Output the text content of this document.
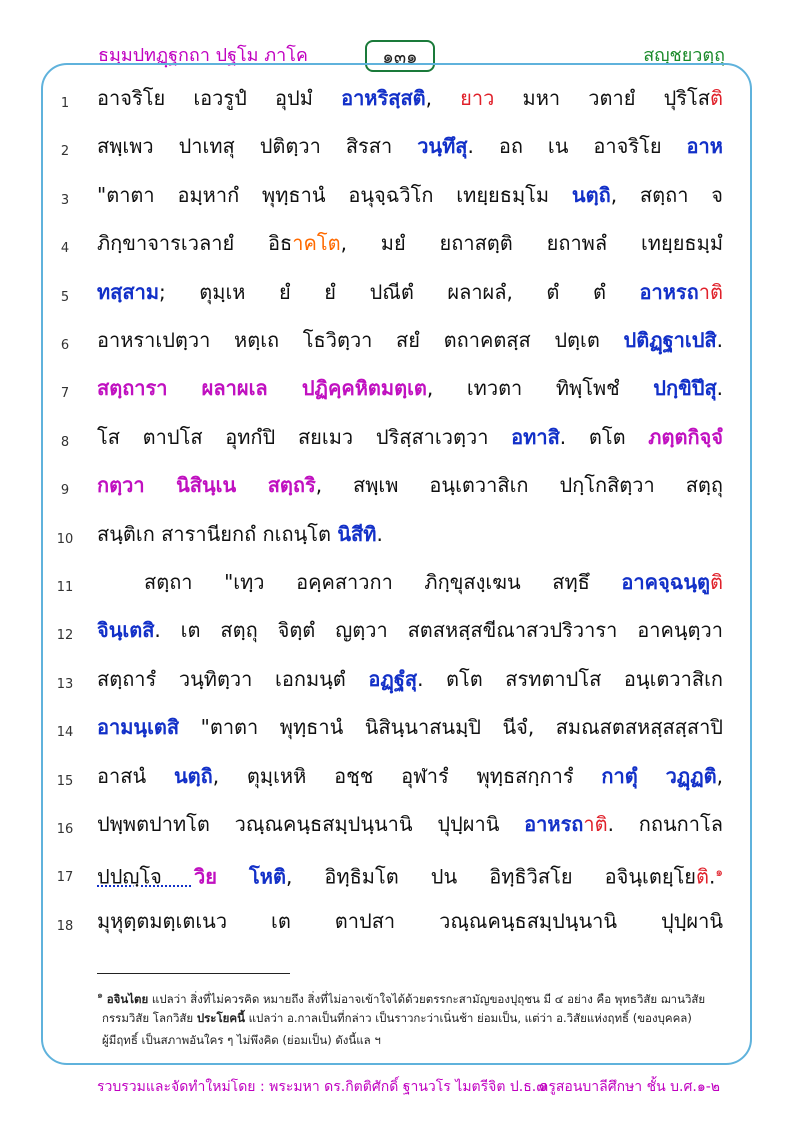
ธมฺมปทฏฺฐกถา ปฐโม ภาโค	๑๓๑	สญฺชยวตฺถุ
1 อาจริโย เอวรูปํ อุปมํ อาหริสฺสติ, ยาว มหา วตายํ ปุริโสติ
2 สพฺเพว ปาเทสุ ปติตฺวา สิรสา วนฺทึสุ. อถ เน อาจริโย อาห
3 "ตาตา อมฺหากํ พุทฺธานํ อนุจฺฉวิโก เทยฺยธมฺโม นตฺถิ, สตฺถา จ
4 ภิกฺขาจารเวลายํ อิธาคโต, มยํ ยถาสตฺติ ยถาพลํ เทยฺยธมฺมํ
5 ทสฺสาม; ตุมฺเห ยํ ยํ ปณีตํ ผลาผลํ, ตํ ตํ อาหรถาติ
6 อาหราเปตฺวา หตฺเถ โธวิตฺวา สยํ ตถาคตสฺส ปตฺเต ปติฏฺฐาเปสิ.
7 สตฺถารา ผลาผเล ปฏิคฺคหิตมตฺเต, เทวตา ทิพฺโพชํ ปกฺขิปึสุ.
8 โส ตาปโส อุทกํปิ สยเมว ปริสฺสาเวตฺวา อทาสิ. ตโต ภตฺตกิจฺจํ
9 กตฺวา นิสินฺเน สตฺถริ, สพฺเพ อนฺเตวาสิเก ปกฺโกสิตฺวา สตฺถุ
10 สนฺติเก สารานียกถํ กเถนฺโต นิสีทิ.
11	สตฺถา "เทฺว อคฺคสาวกา ภิกฺขุสงฺเฆน สทฺธึ อาคจฺฉนฺตูติ
12 จินฺเตสิ. เต สตฺถุ จิตฺตํ ญตฺวา สตสหสฺสขีณาสวปริวารา อาคนฺตฺวา
13 สตฺถารํ วนฺทิตฺวา เอกมนฺตํ อฏฺฐํสุ. ตโต สรทตาปโส อนฺเตวาสิเก
14 อามนฺเตสิ "ตาตา พุทฺธานํ นิสินฺนาสนมฺปิ นีจํ, สมณสตสหสฺสสฺสาปิ
15 อาสนํ นตฺถิ, ตุมฺเหหิ อชฺช อุฬารํ พุทฺธสกฺการํ กาตุํ วฏฺฏติ,
16 ปพฺพตปาทโต วณฺณคนฺธสมฺปนฺนานิ ปุปฺผานิ อาหรถาติ. กถนกาโล
17 ปปญฺโจ วิย โหติ, อิทฺธิมโต ปน อิทฺธิวิสโย อจินฺเตยฺโยติ.$^๑$
18 มุหุตฺตมตฺเตเนว เต ตาปสา วณฺณคนฺธสมฺปนฺนานิ ปุปฺผานิ
$^๑$ อจินไตย แปลว่า สิ่งที่ไม่ควรคิด หมายถึง สิ่งที่ไม่อาจเข้าใจได้ด้วยตรรกะสามัญของปุถุชน มี ๔ อย่าง คือ พุทธวิสัย ฌานวิสัย
กรรมวิสัย โลกวิสัย ประโยคนี้ แปลว่า อ.กาลเป็นที่กล่าว เป็นราวกะว่าเนิ่นช้า ย่อมเป็น, แต่ว่า อ.วิสัยแห่งฤทธิ์ (ของบุคคล)
ผู้มีฤทธิ์ เป็นสภาพอันใคร ๆ ไม่พึงคิด (ย่อมเป็น) ดังนี้แล ฯ
รวบรวมและจัดทำใหม่โดย : พระมหา ดร.กิตติศักดิ์ ฐานวโร ไมตรีจิต ป.ธ.๗
ครูสอนบาลีศึกษา ชั้น บ.ศ.๑-๒
